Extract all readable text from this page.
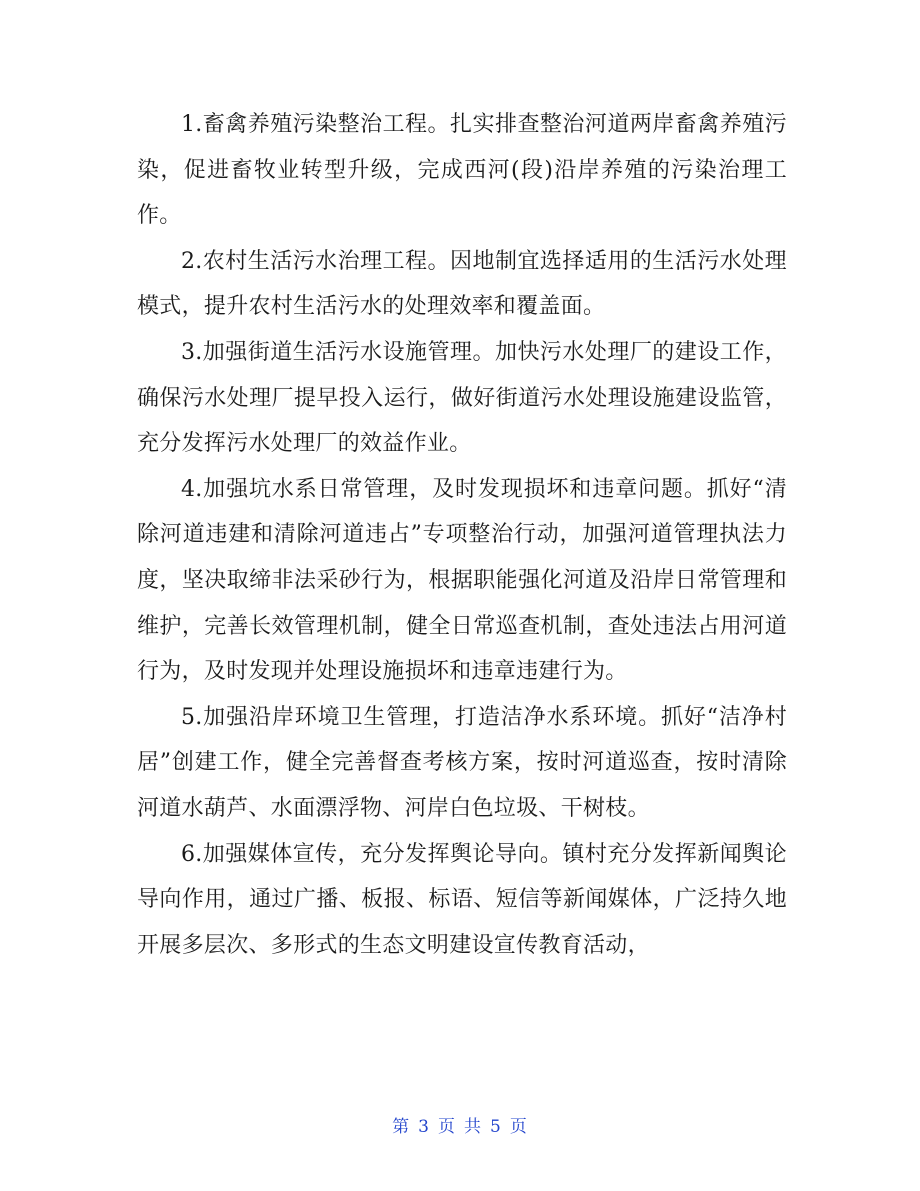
1.畜禽养殖污染整治工程。扎实排查整治河道两岸畜禽养殖污染，促进畜牧业转型升级，完成西河(段)沿岸养殖的污染治理工作。

2.农村生活污水治理工程。因地制宜选择适用的生活污水处理模式，提升农村生活污水的处理效率和覆盖面。

3.加强街道生活污水设施管理。加快污水处理厂的建设工作，确保污水处理厂提早投入运行，做好街道污水处理设施建设监管，充分发挥污水处理厂的效益作业。

4.加强坑水系日常管理，及时发现损坏和违章问题。抓好“清除河道违建和清除河道违占”专项整治行动，加强河道管理执法力度，坚决取缔非法采砂行为，根据职能强化河道及沿岸日常管理和维护，完善长效管理机制，健全日常巡查机制，查处违法占用河道行为，及时发现并处理设施损坏和违章违建行为。

5.加强沿岸环境卫生管理，打造洁净水系环境。抓好“洁净村居”创建工作，健全完善督查考核方案，按时河道巡查，按时清除河道水葫芦、水面漂浮物、河岸白色垃圾、干树枝。

6.加强媒体宣传，充分发挥舆论导向。镇村充分发挥新闻舆论导向作用，通过广播、板报、标语、短信等新闻媒体，广泛持久地开展多层次、多形式的生态文明建设宣传教育活动，

第 3 页 共 5 页
